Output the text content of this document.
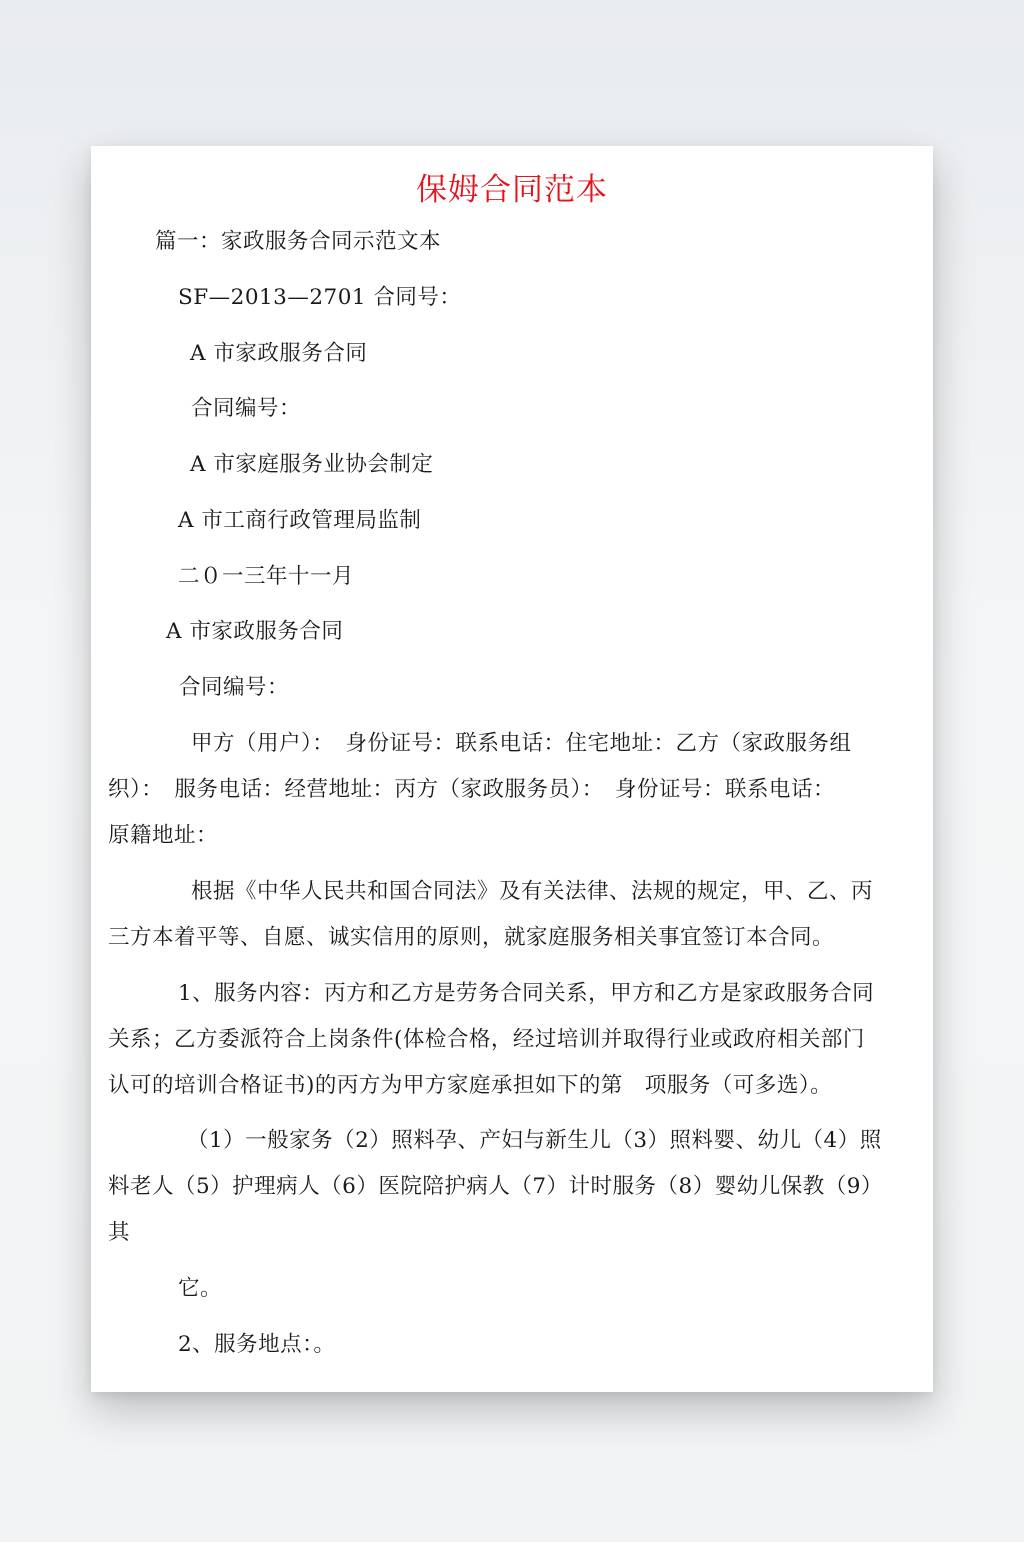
保姆合同范本
篇一：家政服务合同示范文本
SF—2013—2701 合同号：
A 市家政服务合同
合同编号：
A 市家庭服务业协会制定
A 市工商行政管理局监制
二０一三年十一月
A 市家政服务合同
合同编号：
甲方（用户）：　身份证号：联系电话：住宅地址：乙方（家政服务组
织）：　服务电话：经营地址：丙方（家政服务员）：　身份证号：联系电话：
原籍地址：
根据《中华人民共和国合同法》及有关法律、法规的规定，甲、乙、丙
三方本着平等、自愿、诚实信用的原则，就家庭服务相关事宜签订本合同。
1、服务内容：丙方和乙方是劳务合同关系，甲方和乙方是家政服务合同
关系；乙方委派符合上岗条件(体检合格，经过培训并取得行业或政府相关部门
认可的培训合格证书)的丙方为甲方家庭承担如下的第　项服务（可多选）。
（1）一般家务（2）照料孕、产妇与新生儿（3）照料婴、幼儿（4）照
料老人（5）护理病人（6）医院陪护病人（7）计时服务（8）婴幼儿保教（9）
其
它。
2、服务地点：。
